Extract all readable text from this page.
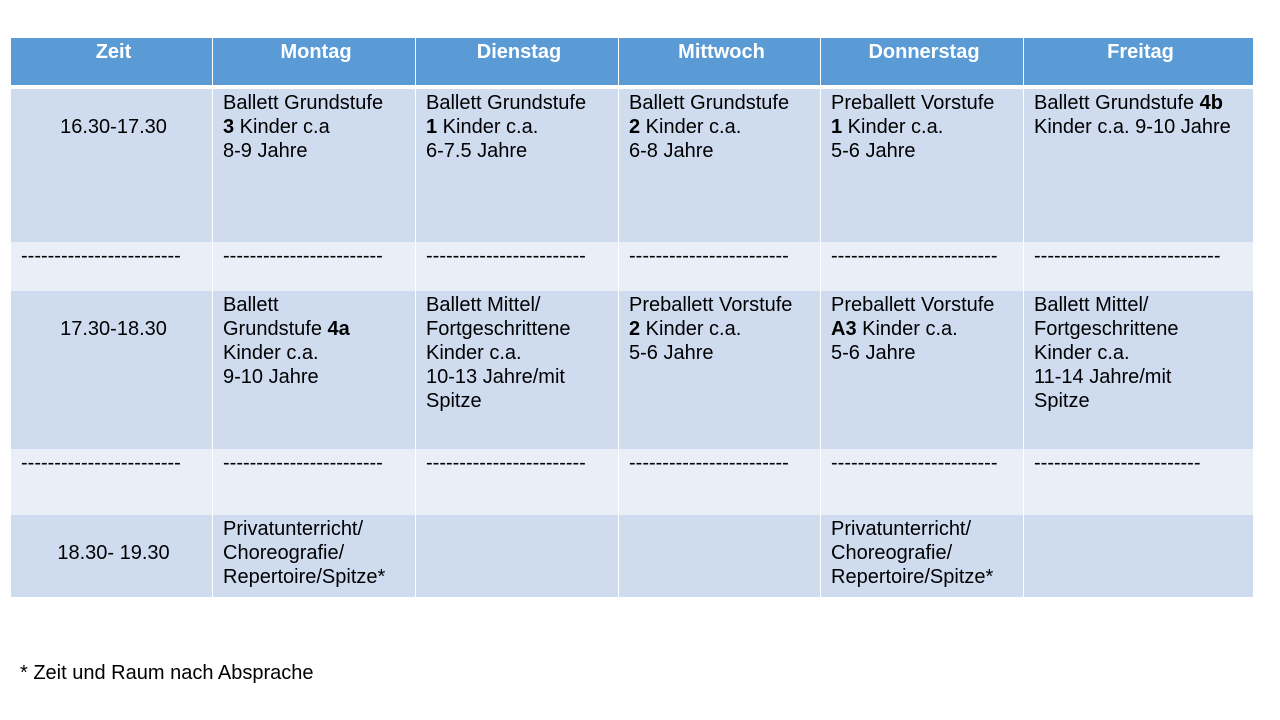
Zeit	Montag	Dienstag	Mittwoch	Donnerstag	Freitag

16.30-17.30	Ballett Grundstufe
3 Kinder c.a
8-9 Jahre	Ballett Grundstufe
1 Kinder c.a.
6-7.5 Jahre	Ballett Grundstufe
2 Kinder c.a.
6-8 Jahre	Preballett Vorstufe
1 Kinder c.a.
5-6 Jahre	Ballett Grundstufe 4b
Kinder c.a. 9-10 Jahre
------------------------	------------------------	------------------------	------------------------	-------------------------	----------------------------

17.30-18.30	Ballett
Grundstufe 4a
Kinder c.a.
9-10 Jahre	Ballett Mittel/
Fortgeschrittene
Kinder c.a.
10-13 Jahre/mit
Spitze	Preballett Vorstufe
2 Kinder c.a.
5-6 Jahre	Preballett Vorstufe
A3 Kinder c.a.
5-6 Jahre	Ballett Mittel/
Fortgeschrittene
Kinder c.a.
11-14 Jahre/mit
Spitze
------------------------	------------------------	------------------------	------------------------	-------------------------	-------------------------

18.30- 19.30	Privatunterricht/
Choreografie/
Repertoire/Spitze*			Privatunterricht/
Choreografie/
Repertoire/Spitze*	
* Zeit und Raum nach Absprache
